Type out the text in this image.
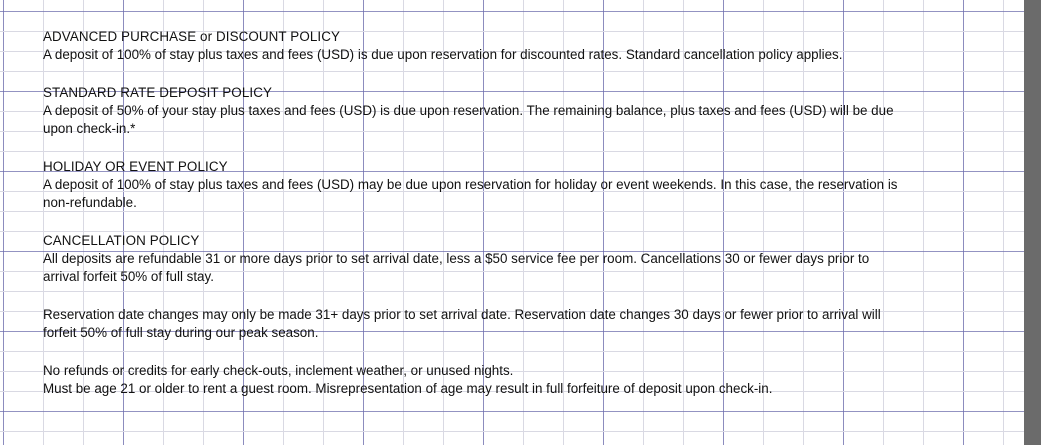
ADVANCED PURCHASE or DISCOUNT POLICY
A deposit of 100% of stay plus taxes and fees (USD) is due upon reservation for discounted rates. Standard cancellation policy applies.
STANDARD RATE DEPOSIT POLICY
A deposit of 50% of your stay plus taxes and fees (USD) is due upon reservation. The remaining balance, plus taxes and fees (USD) will be due upon check-in.*
HOLIDAY OR EVENT POLICY
A deposit of 100% of stay plus taxes and fees (USD) may be due upon reservation for holiday or event weekends. In this case, the reservation is non-refundable.
CANCELLATION POLICY
All deposits are refundable 31 or more days prior to set arrival date, less a $50 service fee per room. Cancellations 30 or fewer days prior to arrival forfeit 50% of full stay.
Reservation date changes may only be made 31+ days prior to set arrival date. Reservation date changes 30 days or fewer prior to arrival will forfeit 50% of full stay during our peak season.
No refunds or credits for early check-outs, inclement weather, or unused nights.
Must be age 21 or older to rent a guest room. Misrepresentation of age may result in full forfeiture of deposit upon check-in.
